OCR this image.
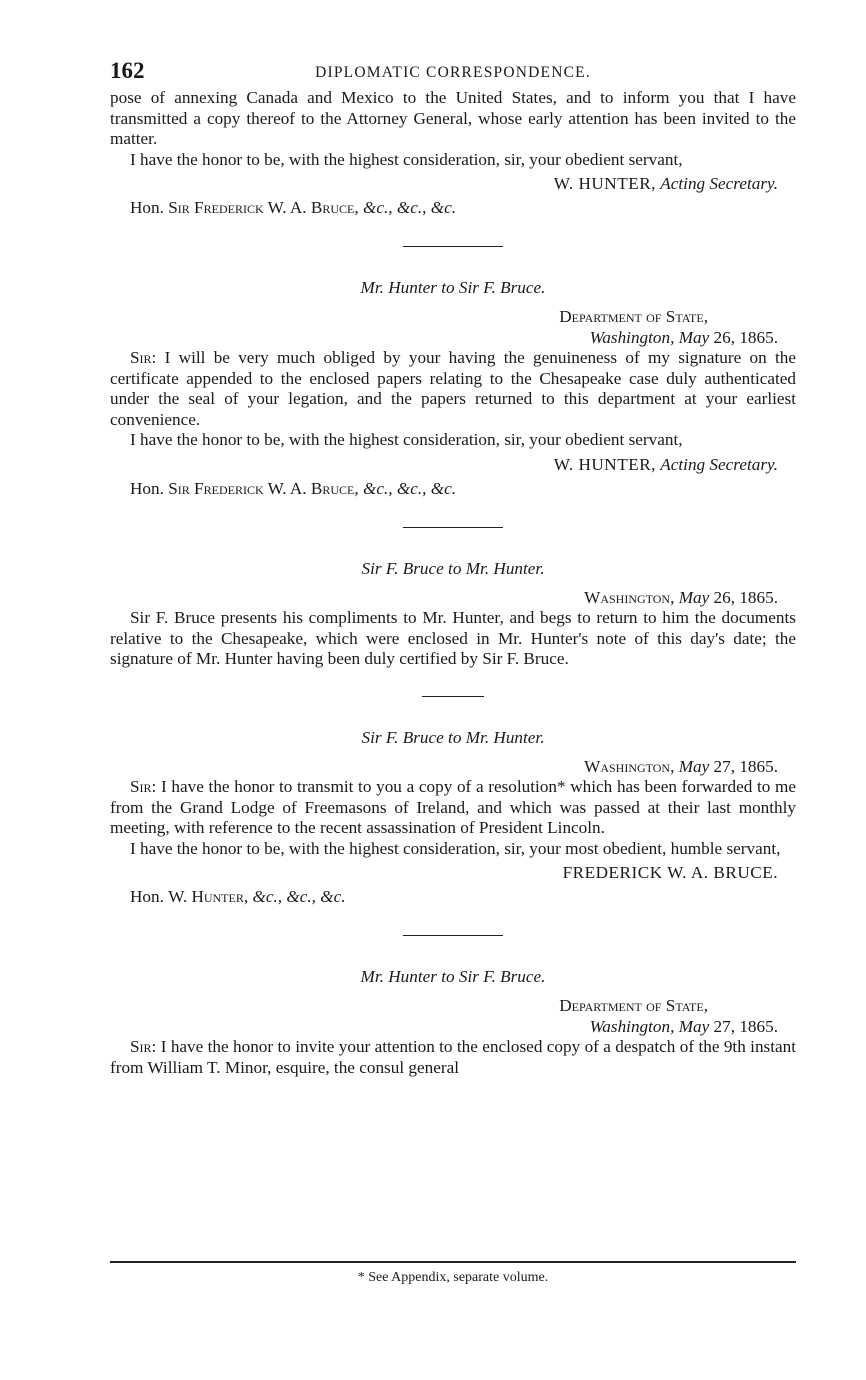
162	DIPLOMATIC CORRESPONDENCE.

pose of annexing Canada and Mexico to the United States, and to inform you that I have transmitted a copy thereof to the Attorney General, whose early attention has been invited to the matter.

I have the honor to be, with the highest consideration, sir, your obedient servant,

W. HUNTER, Acting Secretary.
Hon. Sir Frederick W. A. Bruce, &c., &c., &c.
Mr. Hunter to Sir F. Bruce.
Department of State,
Washington, May 26, 1865.

Sir: I will be very much obliged by your having the genuineness of my signature on the certificate appended to the enclosed papers relating to the Chesapeake case duly authenticated under the seal of your legation, and the papers returned to this department at your earliest convenience.

I have the honor to be, with the highest consideration, sir, your obedient servant,

W. HUNTER, Acting Secretary.
Hon. Sir Frederick W. A. Bruce, &c., &c., &c.
Sir F. Bruce to Mr. Hunter.
Washington, May 26, 1865.

Sir F. Bruce presents his compliments to Mr. Hunter, and begs to return to him the documents relative to the Chesapeake, which were enclosed in Mr. Hunter's note of this day's date; the signature of Mr. Hunter having been duly certified by Sir F. Bruce.

Sir F. Bruce to Mr. Hunter.
Washington, May 27, 1865.

Sir: I have the honor to transmit to you a copy of a resolution* which has been forwarded to me from the Grand Lodge of Freemasons of Ireland, and which was passed at their last monthly meeting, with reference to the recent assassination of President Lincoln.

I have the honor to be, with the highest consideration, sir, your most obedient, humble servant,

FREDERICK W. A. BRUCE.
Hon. W. Hunter, &c., &c., &c.
Mr. Hunter to Sir F. Bruce.
Department of State,
Washington, May 27, 1865.

Sir: I have the honor to invite your attention to the enclosed copy of a despatch of the 9th instant from William T. Minor, esquire, the consul general

* See Appendix, separate volume.
